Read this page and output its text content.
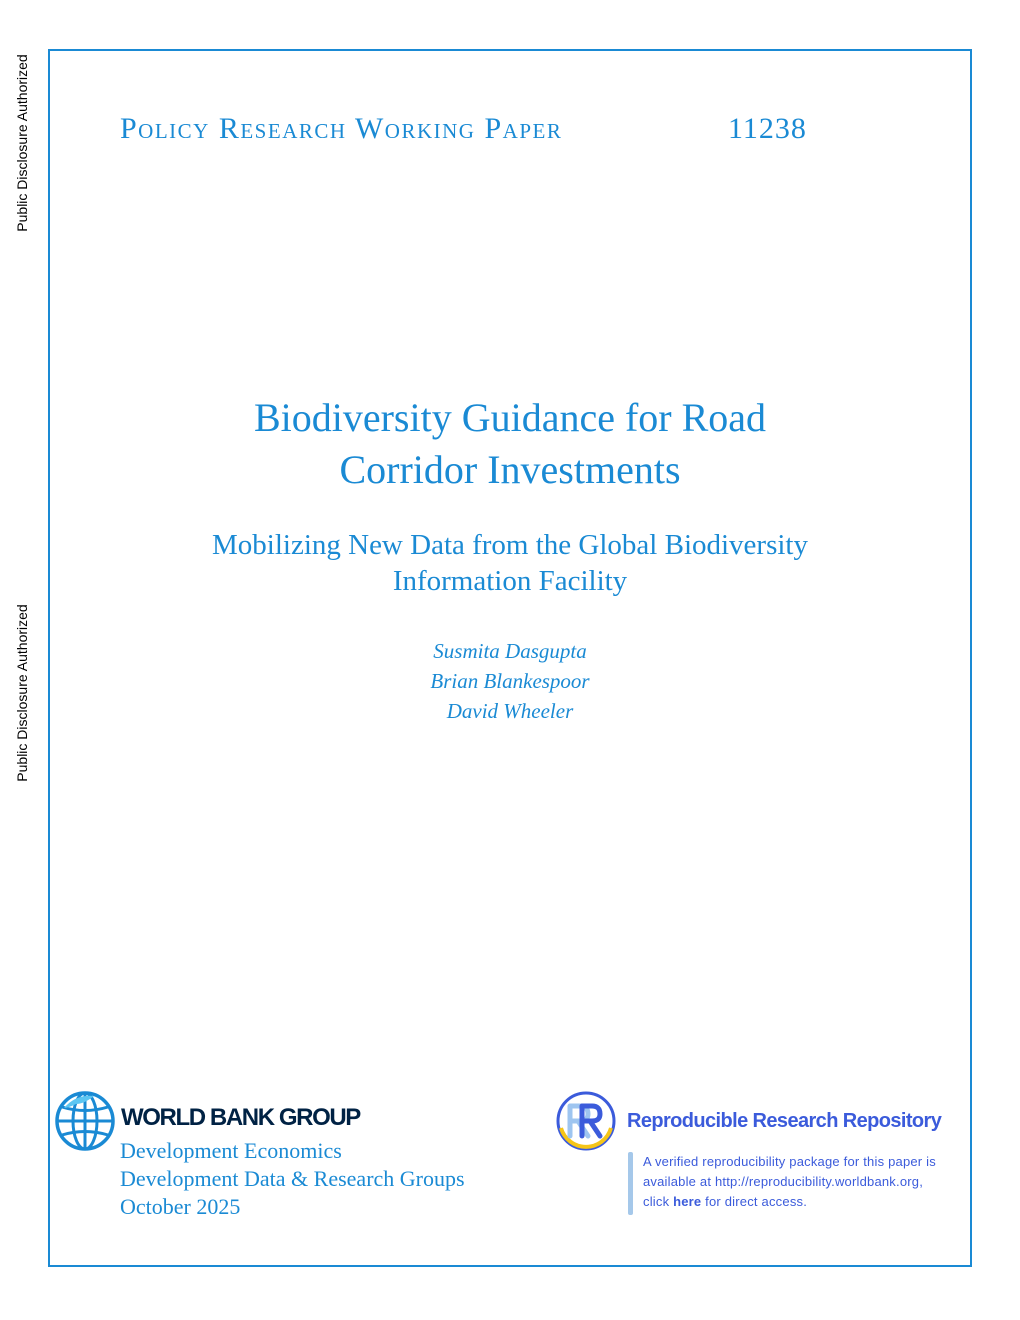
Public Disclosure Authorized
Public Disclosure Authorized
Policy Research Working Paper	11238
Biodiversity Guidance for Road
Corridor Investments
Mobilizing New Data from the Global Biodiversity
Information Facility
Susmita Dasgupta
Brian Blankespoor
David Wheeler
WORLD BANK GROUP
Development Economics
Development Data & Research Groups
October 2025
Reproducible Research Repository
A verified reproducibility package for this paper is
available at http://reproducibility.worldbank.org,
click here for direct access.
